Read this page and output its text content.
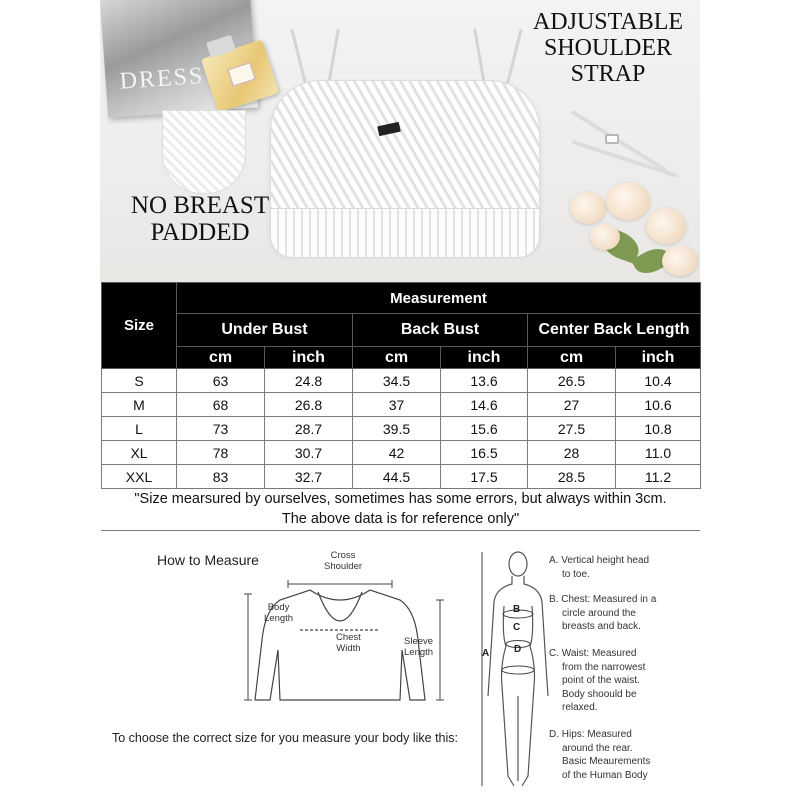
DRESS
ADJUSTABLE
SHOULDER
STRAP
NO BREAST
PADDED
Size	Measurement					
	Under Bust		Back Bust		Center Back Length	
	cm	inch	cm	inch	cm	inch
S	63	24.8	34.5	13.6	26.5	10.4
M	68	26.8	37	14.6	27	10.6
L	73	28.7	39.5	15.6	27.5	10.8
XL	78	30.7	42	16.5	28	11.0
XXL	83	32.7	44.5	17.5	28.5	11.2
"Size mearsured by ourselves, sometimes has some errors, but always within 3cm.
The above data is for reference only"
How to Measure	Cross
Shoulder
Body
Length
Chest
Width
Sleeve
Length
To choose the correct size for you measure your body like this:
B
C
D
A
A. Vertical height head
to toe.
B. Chest: Measured in a
circle around the
breasts and back.
C. Waist: Measured
from the narrowest
point of the waist.
Body shoould be
relaxed.
D. Hips: Measured
around the rear.
Basic Meaurements
of the Human Body
